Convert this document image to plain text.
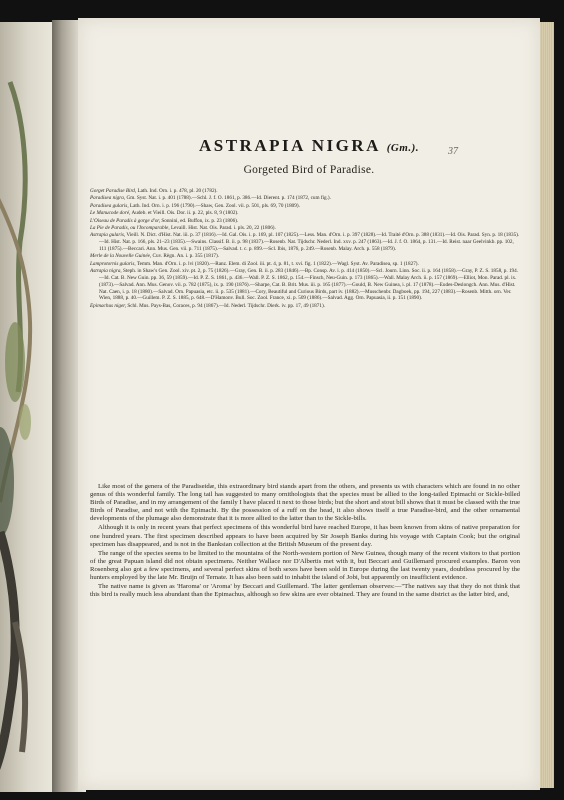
ASTRAPIA NIGRA (Gm.).
Gorgeted Bird of Paradise.
37

Gorget Paradise Bird, Lath. Ind. Orn. i. p. 478, pl. 20 (1782).

Paradisea nigra, Gm. Syst. Nat. i. p. 401 (1788).—Schl. J. f. O. 1861, p. 386.—Id. Dierent. p. 174 (1872, cum fig.).

Paradisea gularis, Lath. Ind. Orn. i. p. 196 (1790).—Shaw, Gen. Zool. vii. p. 501, pls. 69, 70 (1809).

Le Manucode doré, Audeb. et Vieill. Ois. Dor. ii. p. 22, pls. 8, 9 (1802).

L'Oiseau de Paradis à gorge d'or, Sonnini, ed. Buffon, ix. p. 23 (1806).

La Pie de Paradis, ou l'Incomparable, Levaill. Hist. Nat. Ois. Parad. i. pls. 20, 22 (1806).

Astrapia gularis, Vieill. N. Dict. d'Hist. Nat. iii. p. 37 (1816).—Id. Gal. Ois. i. p. 169, pl. 107 (1825).—Less. Man. d'Orn. i. p. 397 (1828).—Id. Traité d'Orn. p. 388 (1831).—Id. Ois. Parad. Syn. p. 18 (1835).—Id. Hist. Nat. p. 166, pls. 21–23 (1835).—Swains. Classif. B. ii. p. 98 (1837).—Rosenb. Nat. Tijdschr. Nederl. Ind. xxv. p. 247 (1863).—Id. J. f. O. 1864, p. 131.—Id. Reist. naar Geelvinkb. pp. 102, 111 (1875).—Beccari. Ann. Mus. Gen. vii. p. 711 (1875).—Salvad. t. c. p. 899.—Scl. Ibis, 1876, p. 249.—Rosenb. Malay. Arch. p. 558 (1879).

Merle de la Nouvelle Guinée, Cuv. Règn. An. i. p. 355 (1817).

Lamprotornis gularis, Temm. Man. d'Orn. i. p. lvi (1820).—Ranz. Elem. di Zool. iii. pt. 4, p. 81, t. xvi. fig. 1 (1822).—Wagl. Syst. Av. Paradisea, sp. 1 (1827).

Astrapia nigra, Steph. in Shaw's Gen. Zool. xiv. pt. 2, p. 75 (1826).—Gray, Gen. B. ii. p. 283 (1846).—Bp. Consp. Av. i. p. 414 (1850).—Scl. Journ. Linn. Soc. ii. p. 164 (1858).—Gray, P. Z. S. 1858, p. 194.—Id. Cat. B. New Guin. pp. 36, 59 (1859).—Id. P. Z. S. 1861, p. 436.—Wall. P. Z. S. 1862, p. 154.—Finsch, Neu-Guin. p. 173 (1865).—Wall. Malay Arch. ii. p. 157 (1869).—Elliot, Mon. Parad. pl. ix. (1873).—Salvad. Ann. Mus. Genov. vii. p. 782 (1875), ix. p. 190 (1876).—Sharpe, Cat. B. Brit. Mus. iii. p. 165 (1877).—Gould, B. New Guinea, i. pl. 17 (1878).—Eudes-Deslongch. Ann. Mus. d'Hist. Nat. Caen, i. p. 18 (1880).—Salvad. Orn. Papuasia, etc. ii. p. 535 (1881).—Cory, Beautiful and Curious Birds, part iv. (1882).—Musschenbr. Dagboek, pp. 194, 227 (1883).—Rosenb. Mitth. orn. Ver. Wien, 1888, p. 40.—Guillem. P. Z. S. 1885, p. 648.—D'Hamonv. Bull. Soc. Zool. France, xi. p. 509 (1886).—Salvad. Agg. Orn. Papuasia, ii. p. 151 (1890).

Epimachus niger, Schl. Mus. Pays-Bas, Coraces, p. 94 (1867).—Id. Nederl. Tijdschr. Dierk. iv. pp. 17, 49 (1871).

Like most of the genera of the Paradiseidæ, this extraordinary bird stands apart from the others, and presents us with characters which are found in no other genus of this wonderful family. The long tail has suggested to many ornithologists that the species must be allied to the long-tailed Epimachi or Sickle-billed Birds of Paradise, and in my arrangement of the family I have placed it next to those birds; but the short and stout bill shows that it must be classed with the true Birds of Paradise, and not with the Epimachi. By the possession of a ruff on the head, it also shows itself a true Paradise-bird, and the other ornamental developments of the plumage also demonstrate that it is more allied to the latter than to the Sickle-bills.

Although it is only in recent years that perfect specimens of this wonderful bird have reached Europe, it has been known from skins of native preparation for one hundred years. The first specimen described appears to have been acquired by Sir Joseph Banks during his voyage with Captain Cook; but the original specimen has disappeared, and is not in the Banksian collection at the British Museum of the present day.

The range of the species seems to be limited to the mountains of the North-western portion of New Guinea, though many of the recent visitors to that portion of the great Papuan island did not obtain specimens. Neither Wallace nor D'Albertis met with it, but Beccari and Guillemard procured examples. Baron von Rosenberg also got a few specimens, and several perfect skins of both sexes have been sold in Europe during the last twenty years, doubtless procured by the hunters employed by the late Mr. Bruijn of Ternate. It has also been said to inhabit the island of Jobi, but apparently on insufficient evidence.

The native name is given as 'Haroma' or 'Aroma' by Beccari and Guillemard. The latter gentleman observes:—"The natives say that they do not think that this bird is really much less abundant than the Epimachus, although so few skins are ever obtained. They are found in the same district as the latter bird, and,
